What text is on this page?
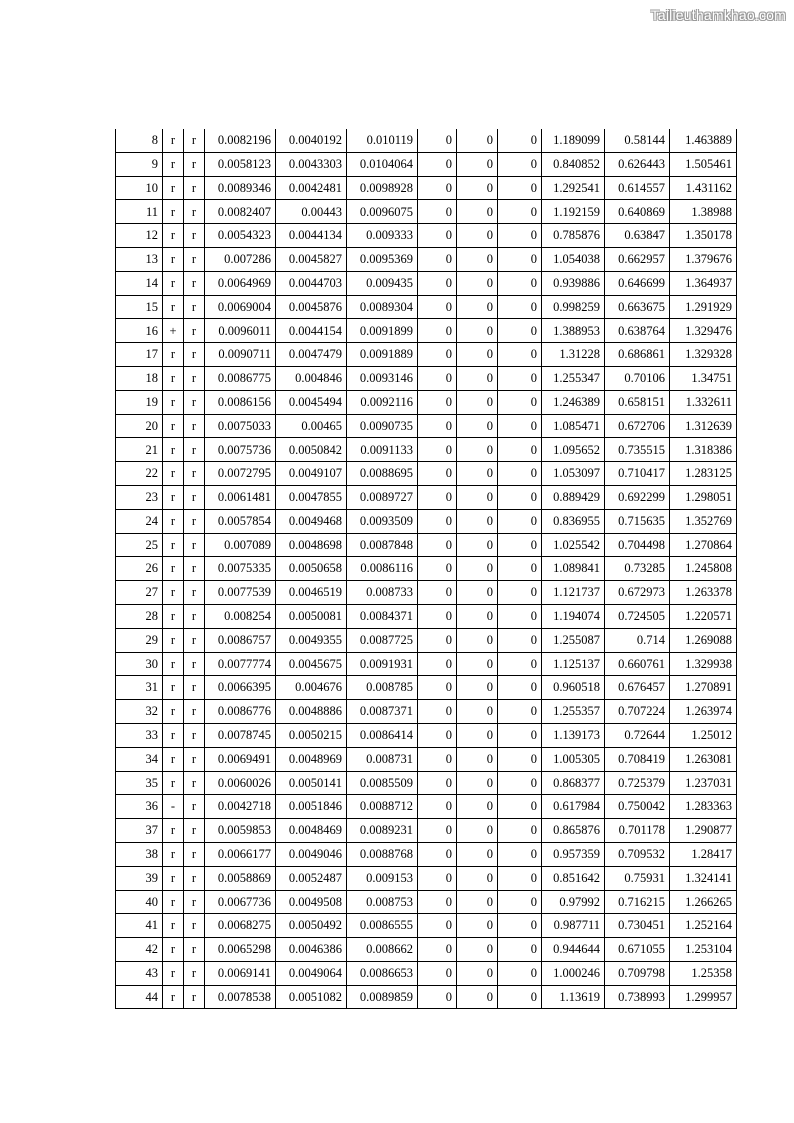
Tailieuthamkhao.com
8	r	r	0.0082196	0.0040192	0.010119	0	0	0	1.189099	0.58144	1.463889
9	r	r	0.0058123	0.0043303	0.0104064	0	0	0	0.840852	0.626443	1.505461
10	r	r	0.0089346	0.0042481	0.0098928	0	0	0	1.292541	0.614557	1.431162
11	r	r	0.0082407	0.00443	0.0096075	0	0	0	1.192159	0.640869	1.38988
12	r	r	0.0054323	0.0044134	0.009333	0	0	0	0.785876	0.63847	1.350178
13	r	r	0.007286	0.0045827	0.0095369	0	0	0	1.054038	0.662957	1.379676
14	r	r	0.0064969	0.0044703	0.009435	0	0	0	0.939886	0.646699	1.364937
15	r	r	0.0069004	0.0045876	0.0089304	0	0	0	0.998259	0.663675	1.291929
16	+	r	0.0096011	0.0044154	0.0091899	0	0	0	1.388953	0.638764	1.329476
17	r	r	0.0090711	0.0047479	0.0091889	0	0	0	1.31228	0.686861	1.329328
18	r	r	0.0086775	0.004846	0.0093146	0	0	0	1.255347	0.70106	1.34751
19	r	r	0.0086156	0.0045494	0.0092116	0	0	0	1.246389	0.658151	1.332611
20	r	r	0.0075033	0.00465	0.0090735	0	0	0	1.085471	0.672706	1.312639
21	r	r	0.0075736	0.0050842	0.0091133	0	0	0	1.095652	0.735515	1.318386
22	r	r	0.0072795	0.0049107	0.0088695	0	0	0	1.053097	0.710417	1.283125
23	r	r	0.0061481	0.0047855	0.0089727	0	0	0	0.889429	0.692299	1.298051
24	r	r	0.0057854	0.0049468	0.0093509	0	0	0	0.836955	0.715635	1.352769
25	r	r	0.007089	0.0048698	0.0087848	0	0	0	1.025542	0.704498	1.270864
26	r	r	0.0075335	0.0050658	0.0086116	0	0	0	1.089841	0.73285	1.245808
27	r	r	0.0077539	0.0046519	0.008733	0	0	0	1.121737	0.672973	1.263378
28	r	r	0.008254	0.0050081	0.0084371	0	0	0	1.194074	0.724505	1.220571
29	r	r	0.0086757	0.0049355	0.0087725	0	0	0	1.255087	0.714	1.269088
30	r	r	0.0077774	0.0045675	0.0091931	0	0	0	1.125137	0.660761	1.329938
31	r	r	0.0066395	0.004676	0.008785	0	0	0	0.960518	0.676457	1.270891
32	r	r	0.0086776	0.0048886	0.0087371	0	0	0	1.255357	0.707224	1.263974
33	r	r	0.0078745	0.0050215	0.0086414	0	0	0	1.139173	0.72644	1.25012
34	r	r	0.0069491	0.0048969	0.008731	0	0	0	1.005305	0.708419	1.263081
35	r	r	0.0060026	0.0050141	0.0085509	0	0	0	0.868377	0.725379	1.237031
36	-	r	0.0042718	0.0051846	0.0088712	0	0	0	0.617984	0.750042	1.283363
37	r	r	0.0059853	0.0048469	0.0089231	0	0	0	0.865876	0.701178	1.290877
38	r	r	0.0066177	0.0049046	0.0088768	0	0	0	0.957359	0.709532	1.28417
39	r	r	0.0058869	0.0052487	0.009153	0	0	0	0.851642	0.75931	1.324141
40	r	r	0.0067736	0.0049508	0.008753	0	0	0	0.97992	0.716215	1.266265
41	r	r	0.0068275	0.0050492	0.0086555	0	0	0	0.987711	0.730451	1.252164
42	r	r	0.0065298	0.0046386	0.008662	0	0	0	0.944644	0.671055	1.253104
43	r	r	0.0069141	0.0049064	0.0086653	0	0	0	1.000246	0.709798	1.25358
44	r	r	0.0078538	0.0051082	0.0089859	0	0	0	1.13619	0.738993	1.299957
